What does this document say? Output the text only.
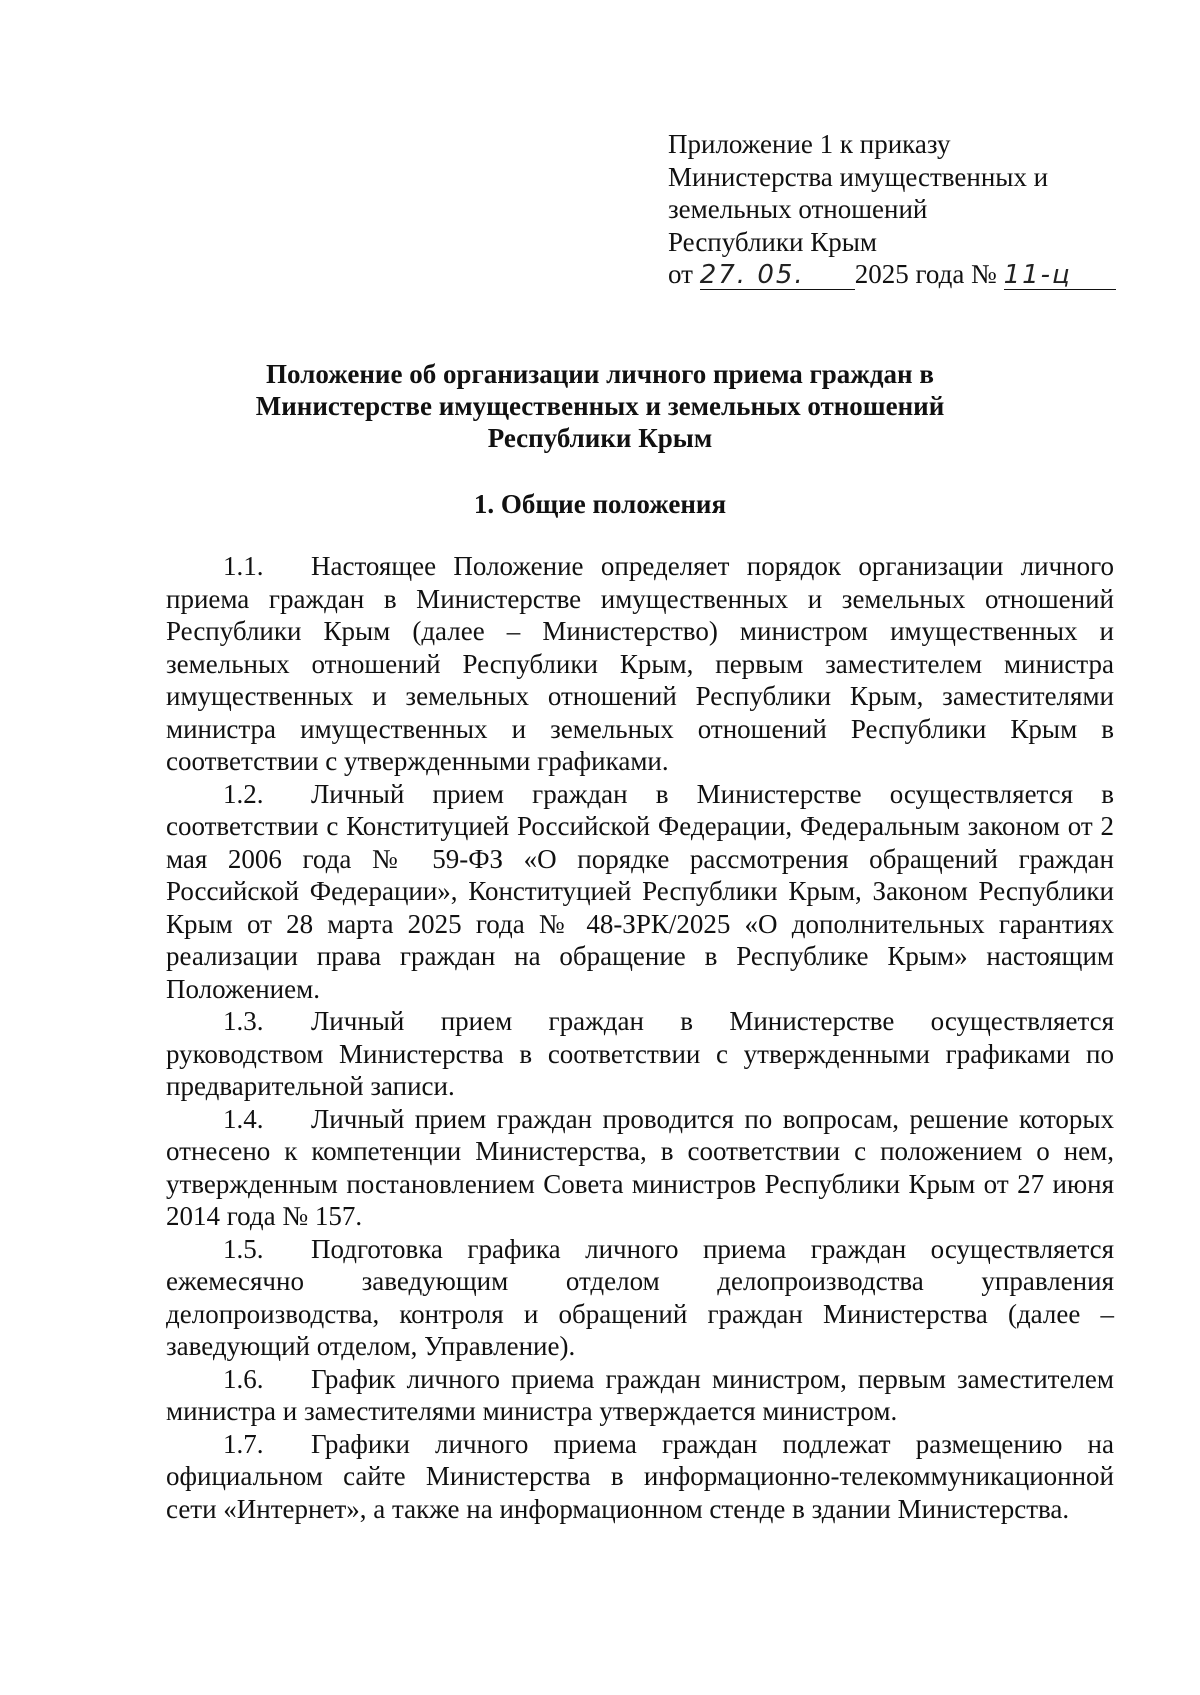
Приложение 1 к приказу
Министерства имущественных и
земельных отношений
Республики Крым
от 27. 05. 2025 года № 11-ц
Положение об организации личного приема граждан в
Министерстве имущественных и земельных отношений
Республики Крым
1. Общие положения

1.1. Настоящее Положение определяет порядок организации личного приема граждан в Министерстве имущественных и земельных отношений Республики Крым (далее – Министерство) министром имущественных и земельных отношений Республики Крым, первым заместителем министра имущественных и земельных отношений Республики Крым, заместителями министра имущественных и земельных отношений Республики Крым в соответствии с утвержденными графиками.

1.2. Личный прием граждан в Министерстве осуществляется в соответствии с Конституцией Российской Федерации, Федеральным законом от 2 мая 2006 года № 59-ФЗ «О порядке рассмотрения обращений граждан Российской Федерации», Конституцией Республики Крым, Законом Республики Крым от 28 марта 2025 года № 48-ЗРК/2025 «О дополнительных гарантиях реализации права граждан на обращение в Республике Крым» настоящим Положением.

1.3. Личный прием граждан в Министерстве осуществляется руководством Министерства в соответствии с утвержденными графиками по предварительной записи.

1.4. Личный прием граждан проводится по вопросам, решение которых отнесено к компетенции Министерства, в соответствии с положением о нем, утвержденным постановлением Совета министров Республики Крым от 27 июня 2014 года № 157.

1.5. Подготовка графика личного приема граждан осуществляется ежемесячно заведующим отделом делопроизводства управления делопроизводства, контроля и обращений граждан Министерства (далее – заведующий отделом, Управление).

1.6. График личного приема граждан министром, первым заместителем министра и заместителями министра утверждается министром.

1.7. Графики личного приема граждан подлежат размещению на официальном сайте Министерства в информационно-телекоммуникационной сети «Интернет», а также на информационном стенде в здании Министерства.
